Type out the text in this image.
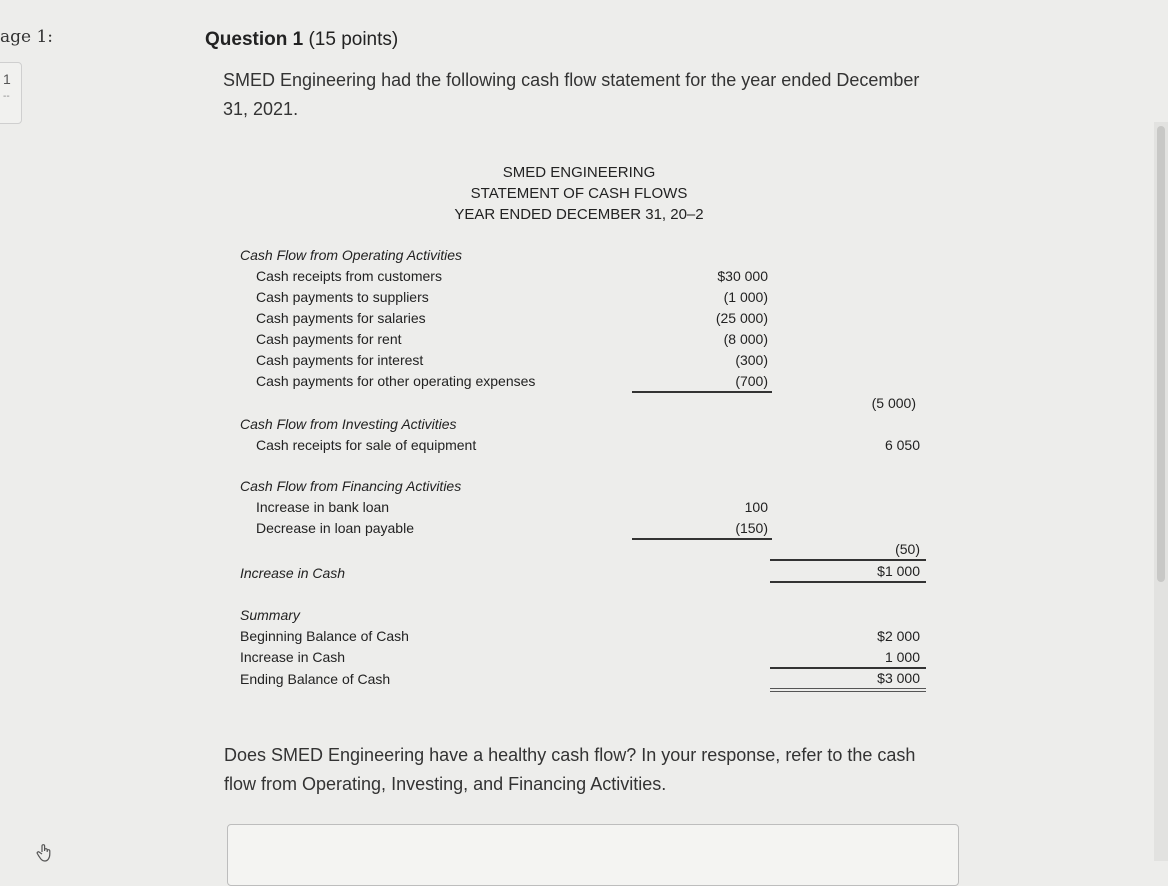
age 1:
1
--
Question 1 (15 points)
SMED Engineering had the following cash flow statement for the year ended December 31, 2021.
SMED ENGINEERING
STATEMENT OF CASH FLOWS
YEAR ENDED DECEMBER 31, 20–2
Cash Flow from Operating Activities
Cash receipts from customers	$30 000
Cash payments to suppliers	(1 000)
Cash payments for salaries	(25 000)
Cash payments for rent	(8 000)
Cash payments for interest	(300)
Cash payments for other operating expenses	(700)
(5 000)
Cash Flow from Investing Activities
Cash receipts for sale of equipment	6 050
Cash Flow from Financing Activities
Increase in bank loan	100
Decrease in loan payable	(150)
(50)
Increase in Cash	$1 000
Summary
Beginning Balance of Cash	$2 000
Increase in Cash	1 000
Ending Balance of Cash	$3 000
Does SMED Engineering have a healthy cash flow? In your response, refer to the cash flow from Operating, Investing, and Financing Activities.
